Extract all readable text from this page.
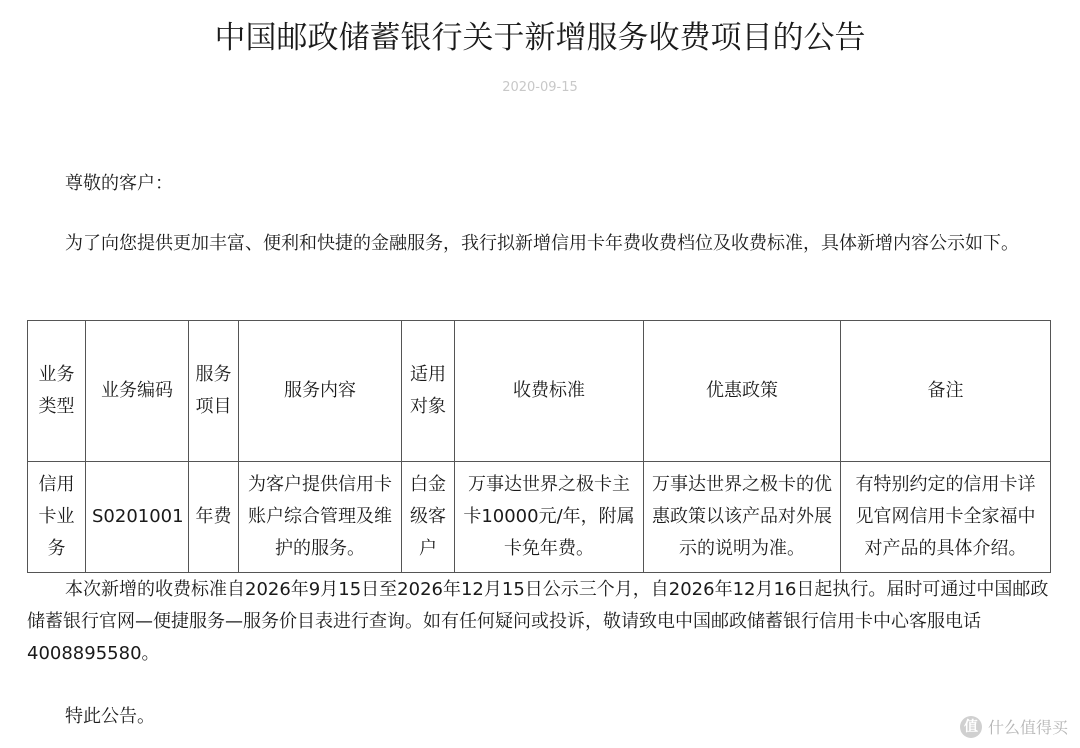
中国邮政储蓄银行关于新增服务收费项目的公告
2020-09-15
尊敬的客户：
为了向您提供更加丰富、便利和快捷的金融服务，我行拟新增信用卡年费收费档位及收费标准，具体新增内容公示如下。
业务类型	业务编码	服务项目	服务内容	适用对象	收费标准	优惠政策	备注
信用卡业务	S0201001	年费	为客户提供信用卡账户综合管理及维护的服务。	白金级客户	万事达世界之极卡主卡10000元/年，附属卡免年费。	万事达世界之极卡的优惠政策以该产品对外展示的说明为准。	有特别约定的信用卡详见官网信用卡全家福中对产品的具体介绍。
本次新增的收费标准自2026年9月15日至2026年12月15日公示三个月，自2026年12月16日起执行。届时可通过中国邮政储蓄银行官网—便捷服务—服务价目表进行查询。如有任何疑问或投诉，敬请致电中国邮政储蓄银行信用卡中心客服电话4008895580。
特此公告。	值 什么值得买
